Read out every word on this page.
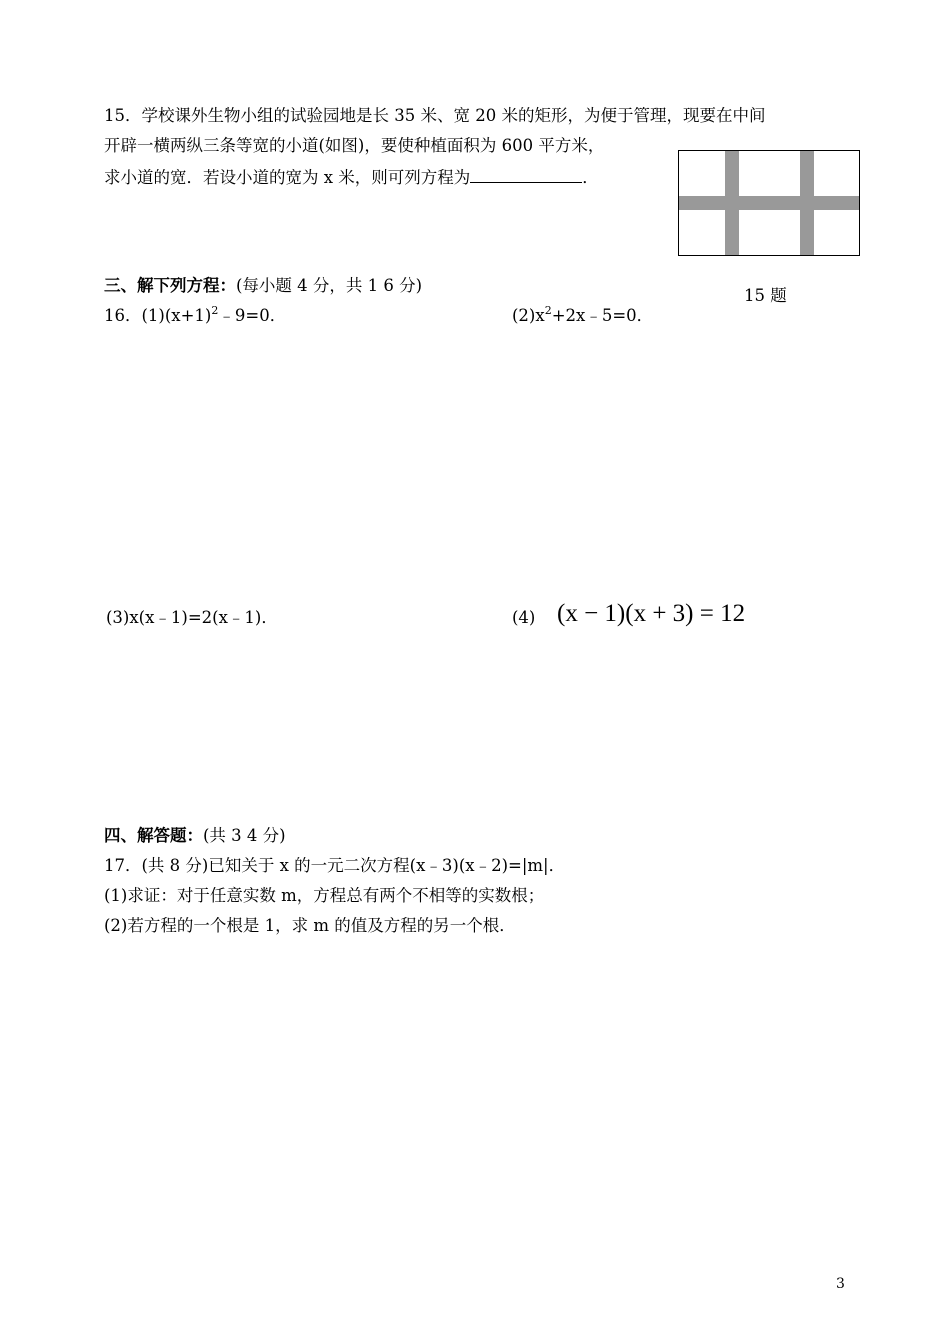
15．学校课外生物小组的试验园地是长 35 米、宽 20 米的矩形，为便于管理，现要在中间
开辟一横两纵三条等宽的小道(如图)，要使种植面积为 600 平方米，
求小道的宽．若设小道的宽为 x 米，则可列方程为	．
15 题
三、解下列方程：(每小题 4 分，共 1 6 分)
16．$(1)(x+1)^2﹣9=0$．	$(2)x^2+2x﹣5=0$．
(3)x(x﹣1)=2(x﹣1)．	(4) (x − 1)(x + 3) = 12
四、解答题：(共 3 4 分)
17．(共 8 分)已知关于 x 的一元二次方程(x﹣3)(x﹣2)=|m|．
(1)求证：对于任意实数 m，方程总有两个不相等的实数根；
(2)若方程的一个根是 1，求 m 的值及方程的另一个根．
3
